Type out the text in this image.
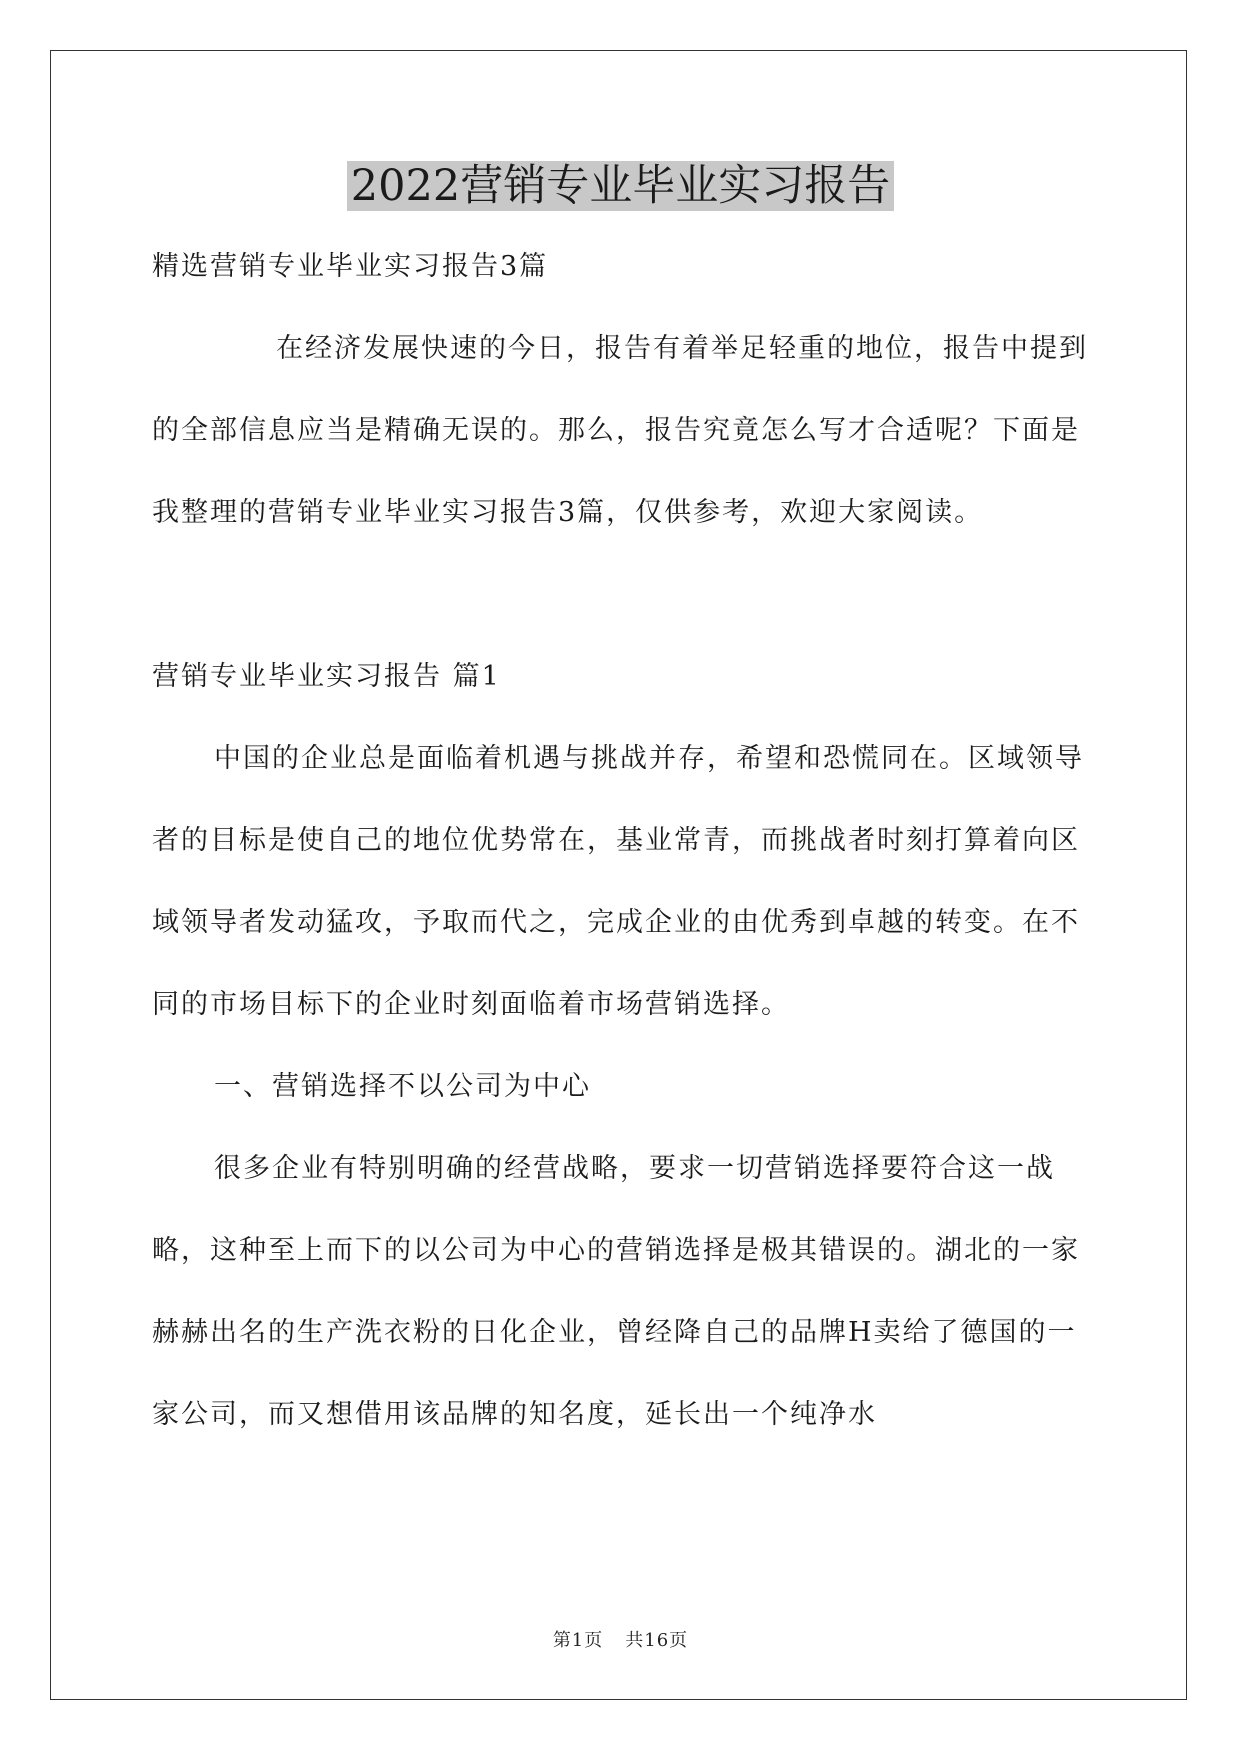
2022营销专业毕业实习报告

精选营销专业毕业实习报告3篇

在经济发展快速的今日，报告有着举足轻重的地位，报告中提到的全部信息应当是精确无误的。那么，报告究竟怎么写才合适呢？下面是我整理的营销专业毕业实习报告3篇，仅供参考，欢迎大家阅读。

营销专业毕业实习报告 篇1

中国的企业总是面临着机遇与挑战并存，希望和恐慌同在。区域领导者的目标是使自己的地位优势常在，基业常青，而挑战者时刻打算着向区域领导者发动猛攻，予取而代之，完成企业的由优秀到卓越的转变。在不同的市场目标下的企业时刻面临着市场营销选择。

一、营销选择不以公司为中心

很多企业有特别明确的经营战略，要求一切营销选择要符合这一战略，这种至上而下的以公司为中心的营销选择是极其错误的。湖北的一家赫赫出名的生产洗衣粉的日化企业，曾经降自己的品牌H卖给了德国的一家公司，而又想借用该品牌的知名度，延长出一个纯净水

第1页 共16页
